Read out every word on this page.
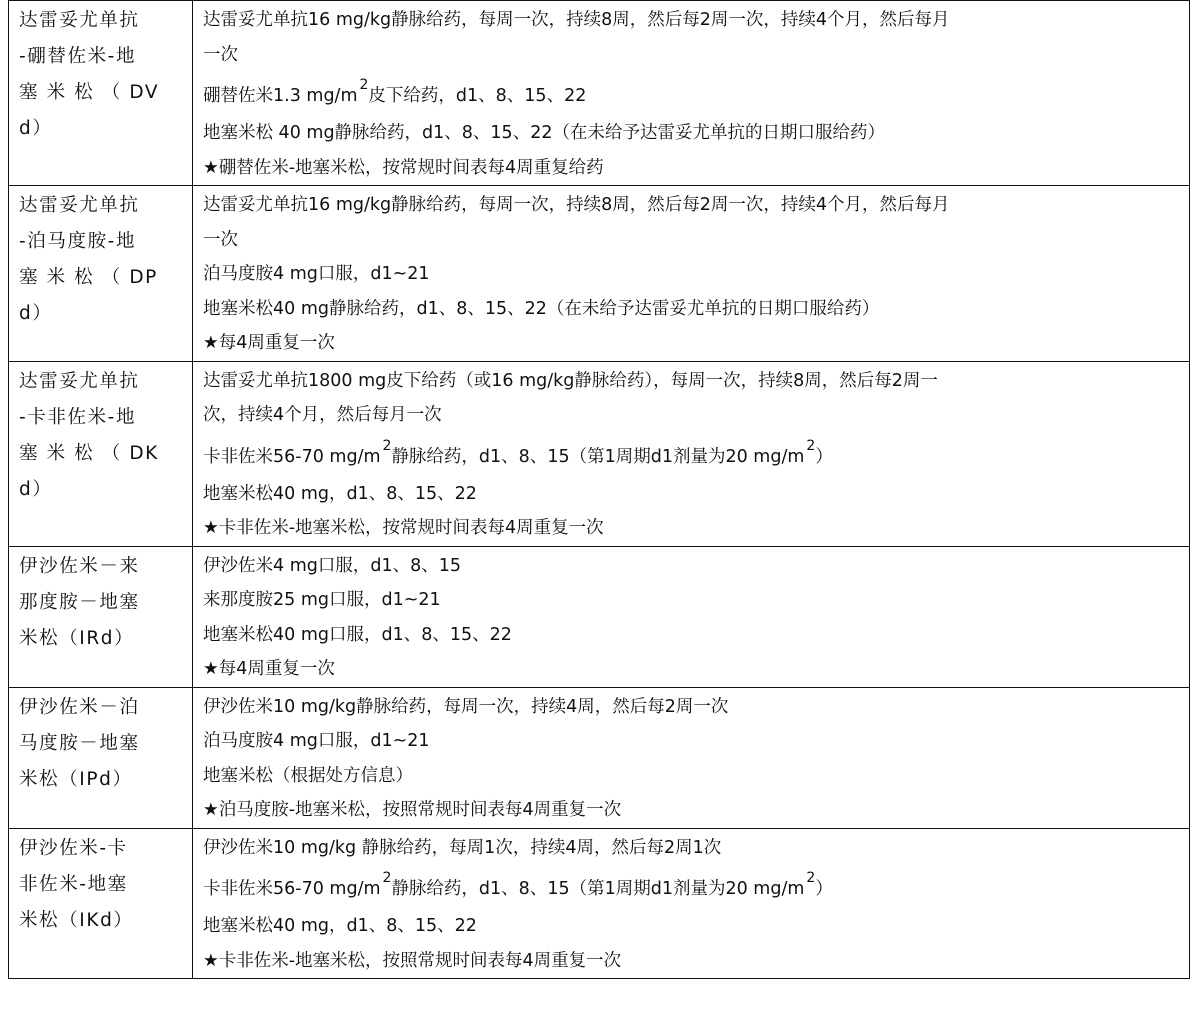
达雷妥尤单抗
-硼替佐米-地
塞 米 松 （ DV
d）	达雷妥尤单抗16 mg/kg静脉给药，每周一次，持续8周，然后每2周一次，持续4个月，然后每月
一次
硼替佐米1.3 $mg/m^2$皮下给药，d1、8、15、22
地塞米松 40 mg静脉给药，d1、8、15、22（在未给予达雷妥尤单抗的日期口服给药）
★硼替佐米-地塞米松，按常规时间表每4周重复给药

达雷妥尤单抗
-泊马度胺-地
塞 米 松 （ DP
d）	达雷妥尤单抗16 mg/kg静脉给药，每周一次，持续8周，然后每2周一次，持续4个月，然后每月
一次
泊马度胺4 mg口服，d1~21
地塞米松40 mg静脉给药，d1、8、15、22（在未给予达雷妥尤单抗的日期口服给药）
★每4周重复一次

达雷妥尤单抗
-卡非佐米-地
塞 米 松 （ DK
d）	达雷妥尤单抗1800 mg皮下给药（或16 mg/kg静脉给药），每周一次，持续8周，然后每2周一
次，持续4个月，然后每月一次
卡非佐米56-70 $mg/m^2$静脉给药，d1、8、15（第1周期d1剂量为20 $mg/m^2$）
地塞米松40 mg，d1、8、15、22
★卡非佐米-地塞米松，按常规时间表每4周重复一次

伊沙佐米－来
那度胺－地塞
米松（IRd）	伊沙佐米4 mg口服，d1、8、15
来那度胺25 mg口服，d1~21
地塞米松40 mg口服，d1、8、15、22
★每4周重复一次

伊沙佐米－泊
马度胺－地塞
米松（IPd）	伊沙佐米10 mg/kg静脉给药，每周一次，持续4周，然后每2周一次
泊马度胺4 mg口服，d1~21
地塞米松（根据处方信息）
★泊马度胺-地塞米松，按照常规时间表每4周重复一次

伊沙佐米-卡
非佐米-地塞
米松（IKd）	伊沙佐米10 mg/kg 静脉给药，每周1次，持续4周，然后每2周1次
卡非佐米56-70 $mg/m^2$静脉给药，d1、8、15（第1周期d1剂量为20 $mg/m^2$）
地塞米松40 mg，d1、8、15、22
★卡非佐米-地塞米松，按照常规时间表每4周重复一次
